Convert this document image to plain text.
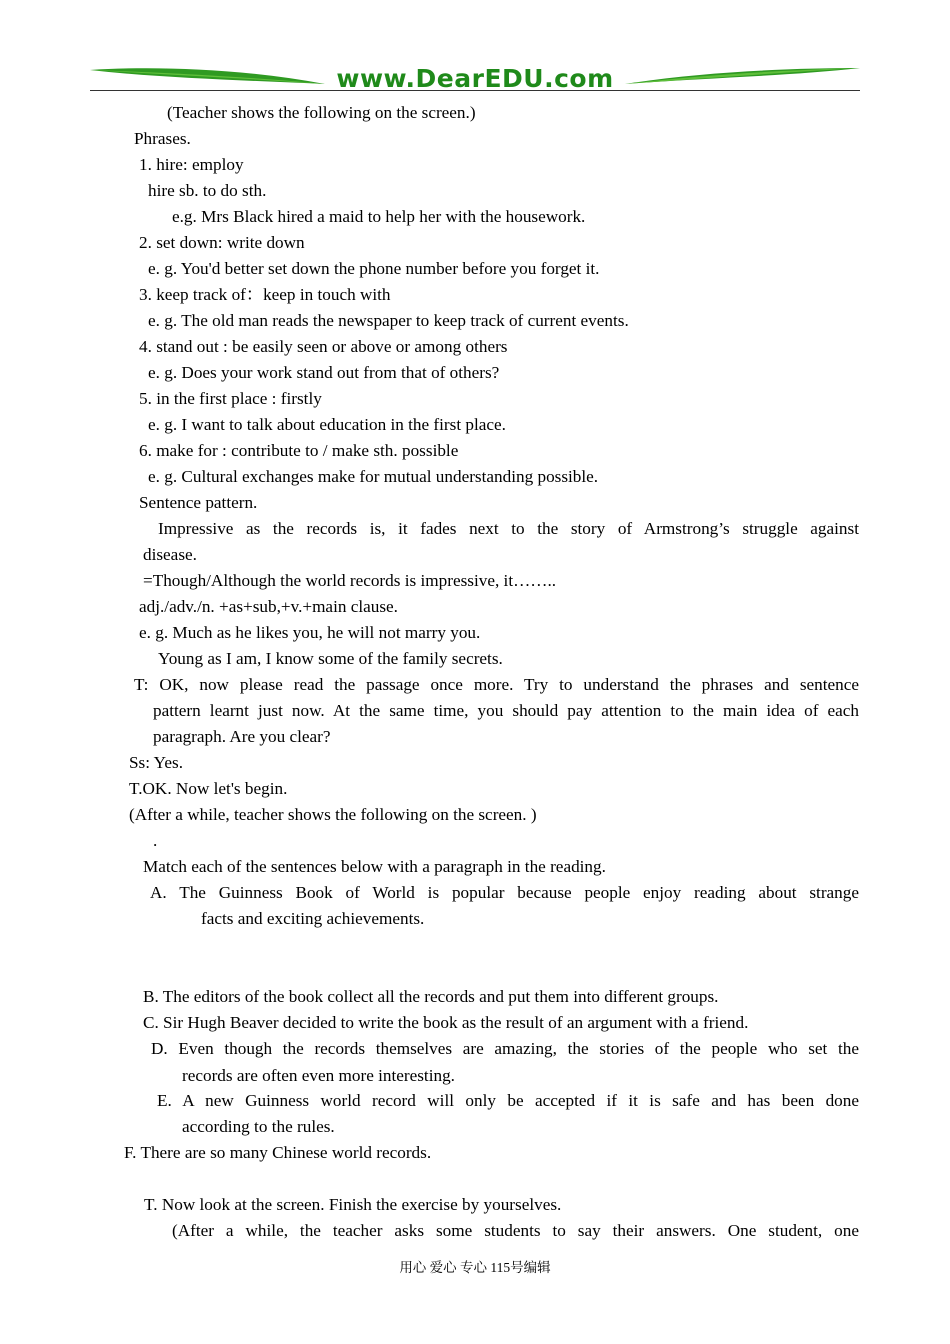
www.DearEDU.com
(Teacher shows the following on the screen.)
Phrases.
1. hire: employ
hire sb. to do sth.
e.g. Mrs Black hired a maid to help her with the housework.
2. set down: write down
e. g. You'd better set down the phone number before you forget it.
3. keep track of：keep in touch with
e. g. The old man reads the newspaper to keep track of current events.
4. stand out : be easily seen or above or among others
e. g. Does your work stand out from that of others?
5. in the first place : firstly
e. g. I want to talk about education in the first place.
6. make for : contribute to / make sth. possible
e. g. Cultural exchanges make for mutual understanding possible.
Sentence pattern.
Impressive as the records is, it fades next to the story of Armstrong’s struggle against
disease.
=Though/Although the world records is impressive, it……..
adj./adv./n. +as+sub,+v.+main clause.
e. g. Much as he likes you, he will not marry you.
Young as I am, I know some of the family secrets.
T: OK, now please read the passage once more. Try to understand the phrases and sentence
pattern learnt just now. At the same time, you should pay attention to the main idea of each
paragraph. Are you clear?
Ss: Yes.
T.OK. Now let's begin.
(After a while, teacher shows the following on the screen. )
.
Match each of the sentences below with a paragraph in the reading.
A. The Guinness Book of World is popular because people enjoy reading about strange
facts and exciting achievements.
B. The editors of the book collect all the records and put them into different groups.
C. Sir Hugh Beaver decided to write the book as the result of an argument with a friend.
D. Even though the records themselves are amazing, the stories of the people who set the
records are often even more interesting.
E. A new Guinness world record will only be accepted if it is safe and has been done
according to the rules.
F. There are so many Chinese world records.
T. Now look at the screen. Finish the exercise by yourselves.
(After a while, the teacher asks some students to say their answers. One student, one
用心 爱心 专心 115号编辑
